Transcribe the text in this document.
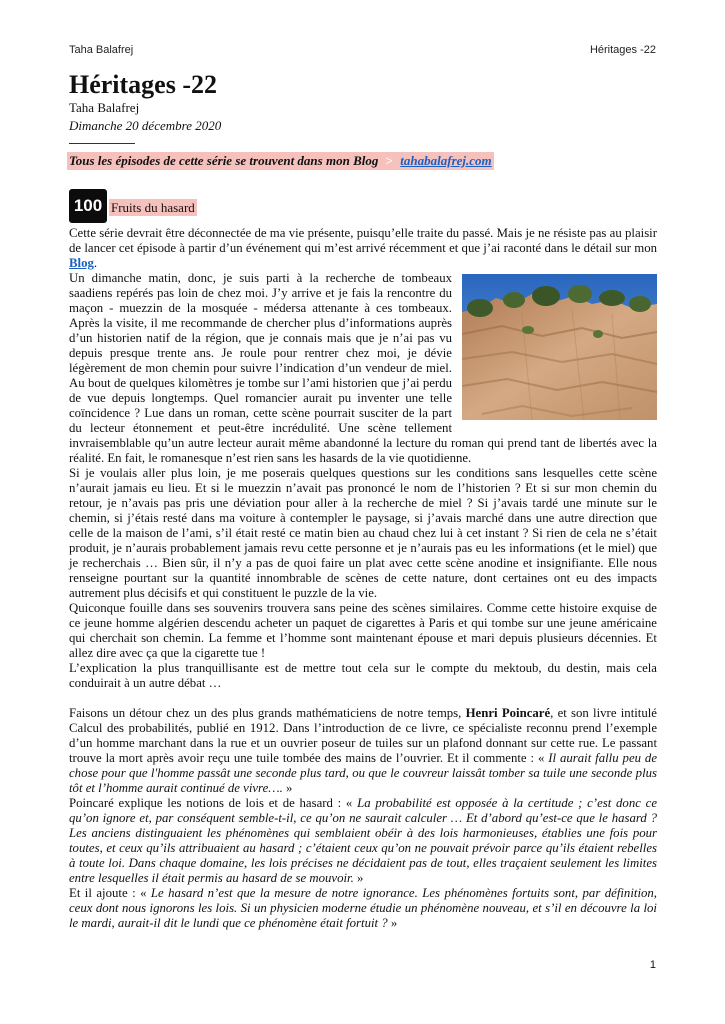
Taha Balafrej	Héritages -22
Héritages -22
Taha Balafrej
Dimanche 20 décembre 2020
Tous les épisodes de cette série se trouvent dans mon Blog > tahabalafrej.com
100 Fruits du hasard

Cette série devrait être déconnectée de ma vie présente, puisqu’elle traite du passé. Mais je ne résiste pas au plaisir de lancer cet épisode à partir d’un événement qui m’est arrivé récemment et que j’ai raconté dans le détail sur mon Blog.

Un dimanche matin, donc, je suis parti à la recherche de tombeaux saadiens repérés pas loin de chez moi. J’y arrive et je fais la rencontre du maçon - muezzin de la mosquée - médersa attenante à ces tombeaux. Après la visite, il me recommande de chercher plus d’informations auprès d’un historien natif de la région, que je connais mais que je n’ai pas vu depuis presque trente ans. Je roule pour rentrer chez moi, je dévie légèrement de mon chemin pour suivre l’indication d’un vendeur de miel. Au bout de quelques kilomètres je tombe sur l’ami historien que j’ai perdu de vue depuis longtemps. Quel romancier aurait pu inventer une telle coïncidence ? Lue dans un roman, cette scène pourrait susciter de la part du lecteur étonnement et peut-être incrédulité. Une scène tellement invraisemblable qu’un autre lecteur aurait même abandonné la lecture du roman qui prend tant de libertés avec la réalité. En fait, le romanesque n’est rien sans les hasards de la vie quotidienne.

Si je voulais aller plus loin, je me poserais quelques questions sur les conditions sans lesquelles cette scène n’aurait jamais eu lieu. Et si le muezzin n’avait pas prononcé le nom de l’historien ? Et si sur mon chemin du retour, je n’avais pas pris une déviation pour aller à la recherche de miel ? Si j’avais tardé une minute sur le chemin, si j’étais resté dans ma voiture à contempler le paysage, si j’avais marché dans une autre direction que celle de la maison de l’ami, s’il était resté ce matin bien au chaud chez lui à cet instant ? Si rien de cela ne s’était produit, je n’aurais probablement jamais revu cette personne et je n’aurais pas eu les informations (et le miel) que je recherchais … Bien sûr, il n’y a pas de quoi faire un plat avec cette scène anodine et insignifiante. Elle nous renseigne pourtant sur la quantité innombrable de scènes de cette nature, dont certaines ont eu des impacts autrement plus décisifs et qui constituent le puzzle de la vie.

Quiconque fouille dans ses souvenirs trouvera sans peine des scènes similaires. Comme cette histoire exquise de ce jeune homme algérien descendu acheter un paquet de cigarettes à Paris et qui tombe sur une jeune américaine qui cherchait son chemin. La femme et l’homme sont maintenant épouse et mari depuis plusieurs décennies. Et allez dire avec ça que la cigarette tue !

L’explication la plus tranquillisante est de mettre tout cela sur le compte du mektoub, du destin, mais cela conduirait à un autre débat …

Faisons un détour chez un des plus grands mathématiciens de notre temps, Henri Poincaré, et son livre intitulé Calcul des probabilités, publié en 1912. Dans l’introduction de ce livre, ce spécialiste reconnu prend l’exemple d’un homme marchant dans la rue et un ouvrier poseur de tuiles sur un plafond donnant sur cette rue. Le passant trouve la mort après avoir reçu une tuile tombée des mains de l’ouvrier. Et il commente : « Il aurait fallu peu de chose pour que l'homme passât une seconde plus tard, ou que le couvreur laissât tomber sa tuile une seconde plus tôt et l’homme aurait continué de vivre…. »

Poincaré explique les notions de lois et de hasard : « La probabilité est opposée à la certitude ; c’est donc ce qu’on ignore et, par conséquent semble-t-il, ce qu’on ne saurait calculer … Et d’abord qu’est-ce que le hasard ? Les anciens distinguaient les phénomènes qui semblaient obéir à des lois harmonieuses, établies une fois pour toutes, et ceux qu’ils attribuaient au hasard ; c’étaient ceux qu’on ne pouvait prévoir parce qu’ils étaient rebelles à toute loi. Dans chaque domaine, les lois précises ne décidaient pas de tout, elles traçaient seulement les limites entre lesquelles il était permis au hasard de se mouvoir. »

Et il ajoute : « Le hasard n’est que la mesure de notre ignorance. Les phénomènes fortuits sont, par définition, ceux dont nous ignorons les lois. Si un physicien moderne étudie un phénomène nouveau, et s’il en découvre la loi le mardi, aurait-il dit le lundi que ce phénomène était fortuit ? »

1
